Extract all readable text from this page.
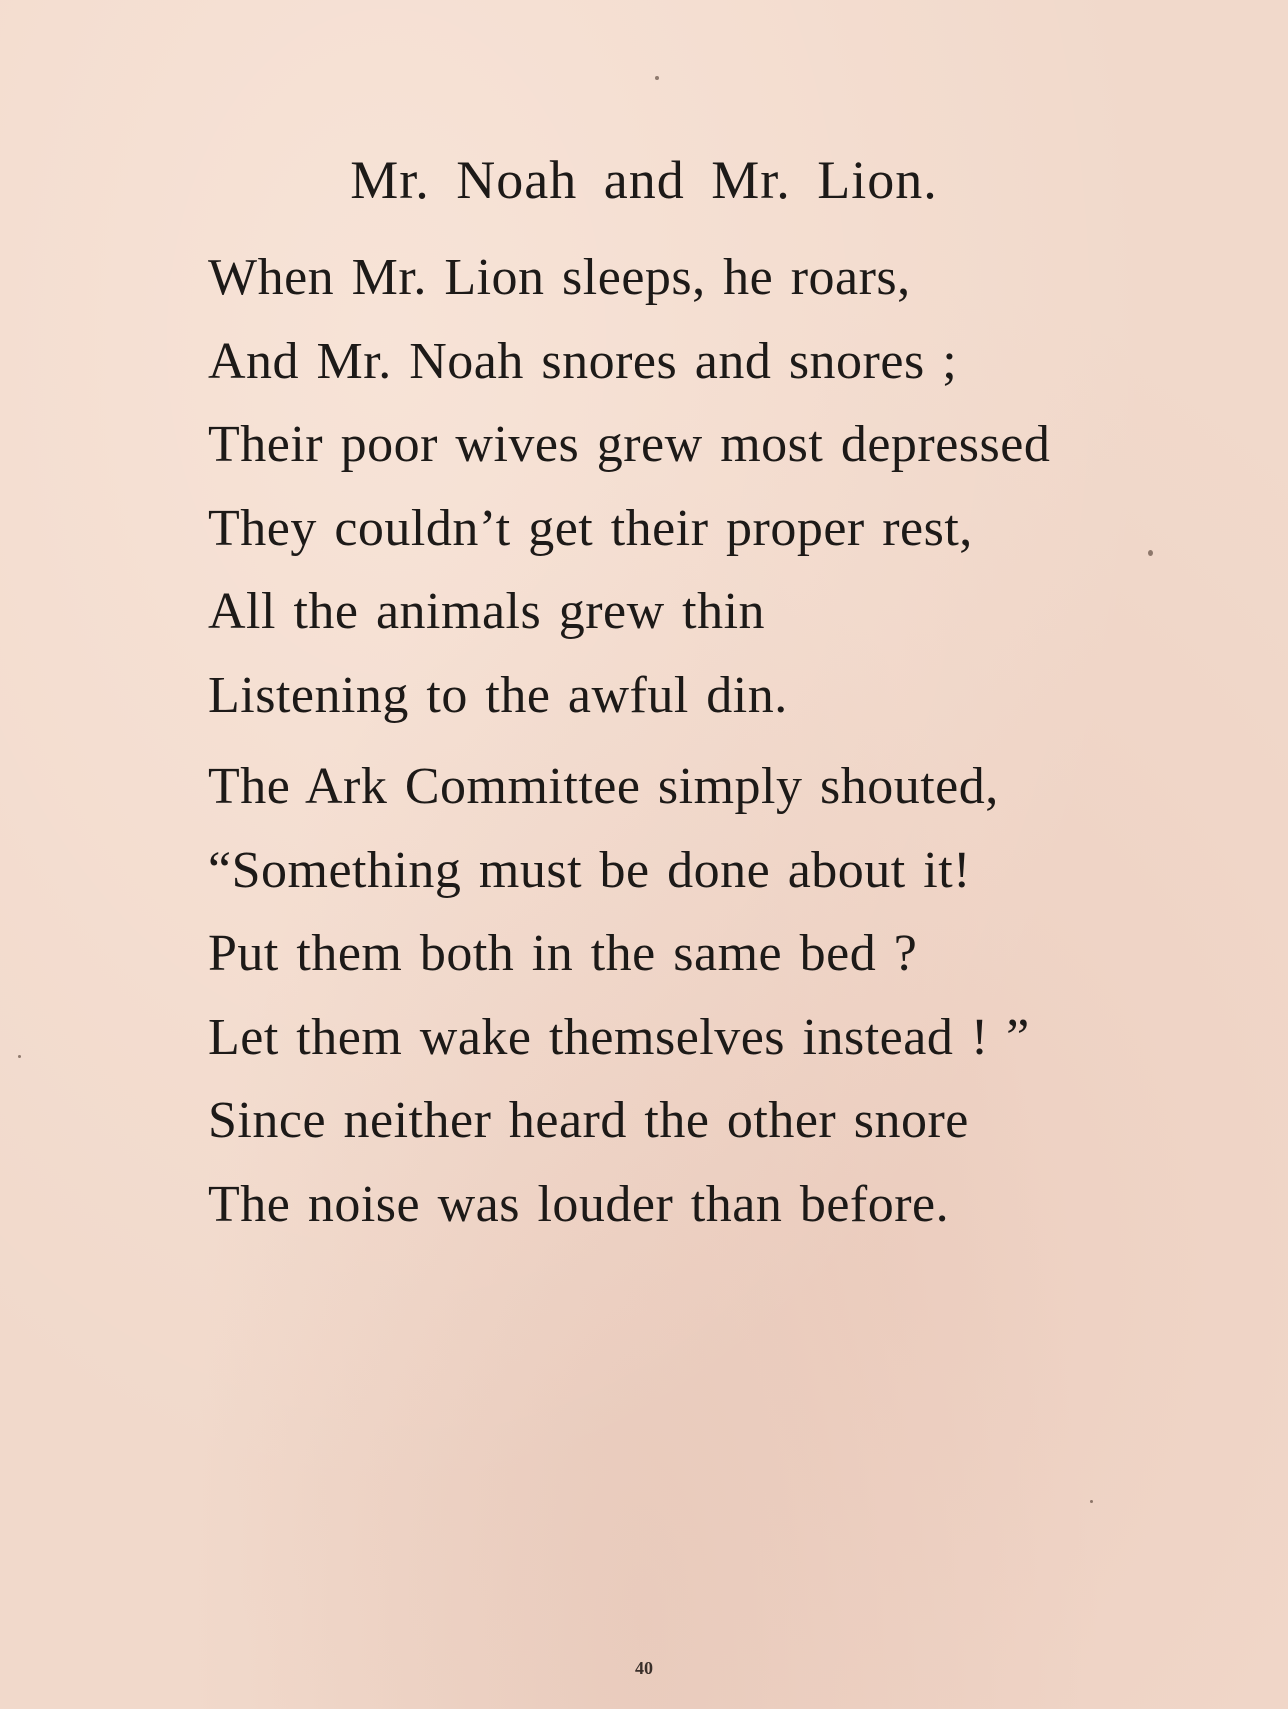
Mr. Noah and Mr. Lion.
When Mr. Lion sleeps, he roars,
And Mr. Noah snores and snores ;
Their poor wives grew most depressed
They couldn’t get their proper rest,
All the animals grew thin
Listening to the awful din.
The Ark Committee simply shouted,
“Something must be done about it!
Put them both in the same bed ?
Let them wake themselves instead ! ”
Since neither heard the other snore
The noise was louder than before.
40
